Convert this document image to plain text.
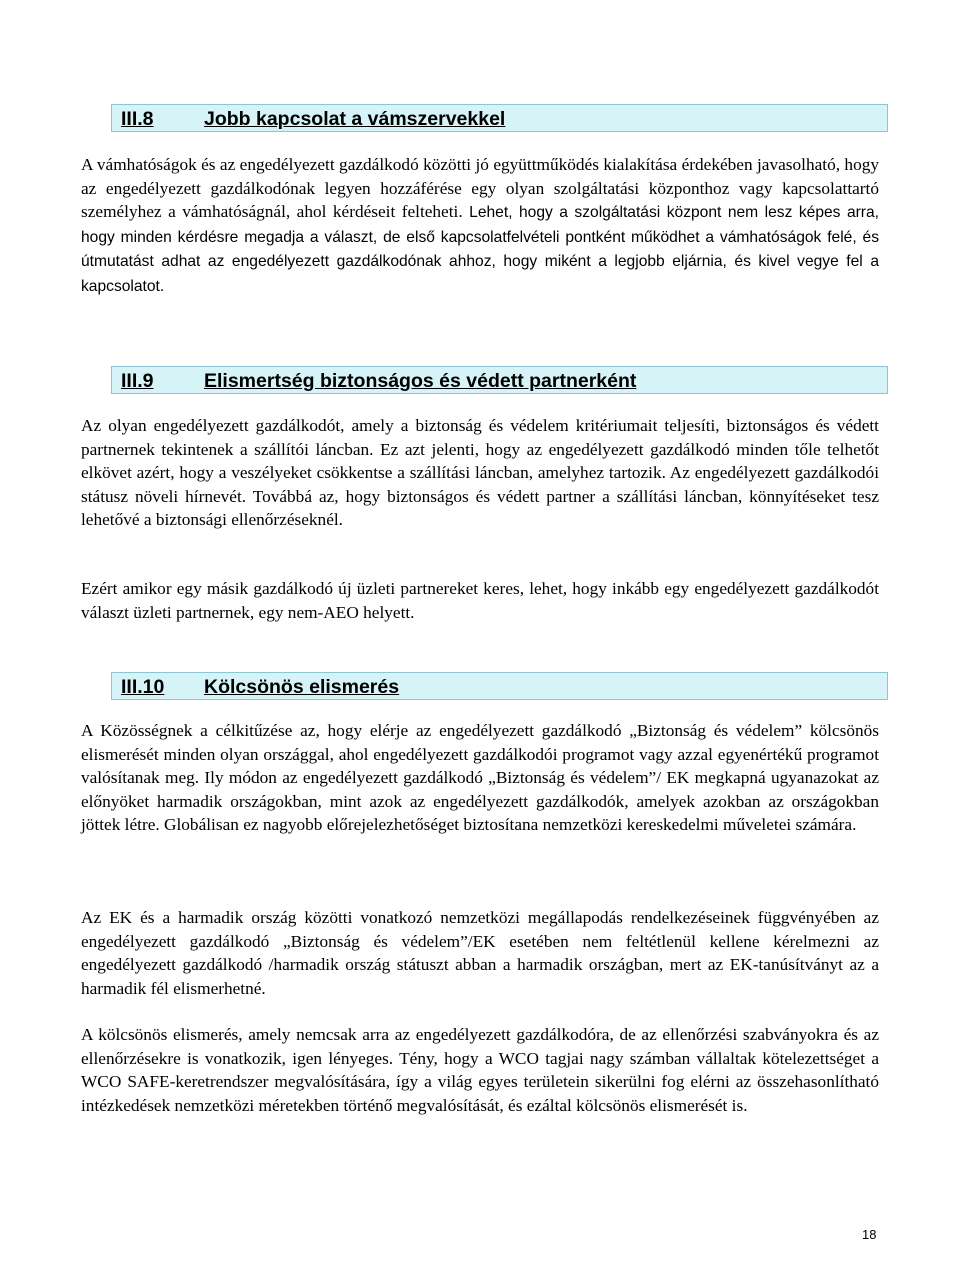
III.8	Jobb kapcsolat a vámszervekkel

A vámhatóságok és az engedélyezett gazdálkodó közötti jó együttműködés kialakítása érdekében javasolható, hogy az engedélyezett gazdálkodónak legyen hozzáférése egy olyan szolgáltatási központhoz vagy kapcsolattartó személyhez a vámhatóságnál, ahol kérdéseit felteheti. Lehet, hogy a szolgáltatási központ nem lesz képes arra, hogy minden kérdésre megadja a választ, de első kapcsolatfelvételi pontként működhet a vámhatóságok felé, és útmutatást adhat az engedélyezett gazdálkodónak ahhoz, hogy miként a legjobb eljárnia, és kivel vegye fel a kapcsolatot.

III.9	Elismertség biztonságos és védett partnerként

Az olyan engedélyezett gazdálkodót, amely a biztonság és védelem kritériumait teljesíti, biztonságos és védett partnernek tekintenek a szállítói láncban. Ez azt jelenti, hogy az engedélyezett gazdálkodó minden tőle telhetőt elkövet azért, hogy a veszélyeket csökkentse a szállítási láncban, amelyhez tartozik. Az engedélyezett gazdálkodói státusz növeli hírnevét. Továbbá az, hogy biztonságos és védett partner a szállítási láncban, könnyítéseket tesz lehetővé a biztonsági ellenőrzéseknél.

Ezért amikor egy másik gazdálkodó új üzleti partnereket keres, lehet, hogy inkább egy engedélyezett gazdálkodót választ üzleti partnernek, egy nem-AEO helyett.

III.10 Kölcsönös elismerés

A Közösségnek a célkitűzése az, hogy elérje az engedélyezett gazdálkodó „Biztonság és védelem” kölcsönös elismerését minden olyan országgal, ahol engedélyezett gazdálkodói programot vagy azzal egyenértékű programot valósítanak meg. Ily módon az engedélyezett gazdálkodó „Biztonság és védelem”/ EK megkapná ugyanazokat az előnyöket harmadik országokban, mint azok az engedélyezett gazdálkodók, amelyek azokban az országokban jöttek létre. Globálisan ez nagyobb előrejelezhetőséget biztosítana nemzetközi kereskedelmi műveletei számára.

Az EK és a harmadik ország közötti vonatkozó nemzetközi megállapodás rendelkezéseinek függvényében az engedélyezett gazdálkodó „Biztonság és védelem”/EK esetében nem feltétlenül kellene kérelmezni az engedélyezett gazdálkodó /harmadik ország státuszt abban a harmadik országban, mert az EK-tanúsítványt az a harmadik fél elismerhetné.

A kölcsönös elismerés, amely nemcsak arra az engedélyezett gazdálkodóra, de az ellenőrzési szabványokra és az ellenőrzésekre is vonatkozik, igen lényeges. Tény, hogy a WCO tagjai nagy számban vállaltak kötelezettséget a WCO SAFE-keretrendszer megvalósítására, így a világ egyes területein sikerülni fog elérni az összehasonlítható intézkedések nemzetközi méretekben történő megvalósítását, és ezáltal kölcsönös elismerését is.

18
